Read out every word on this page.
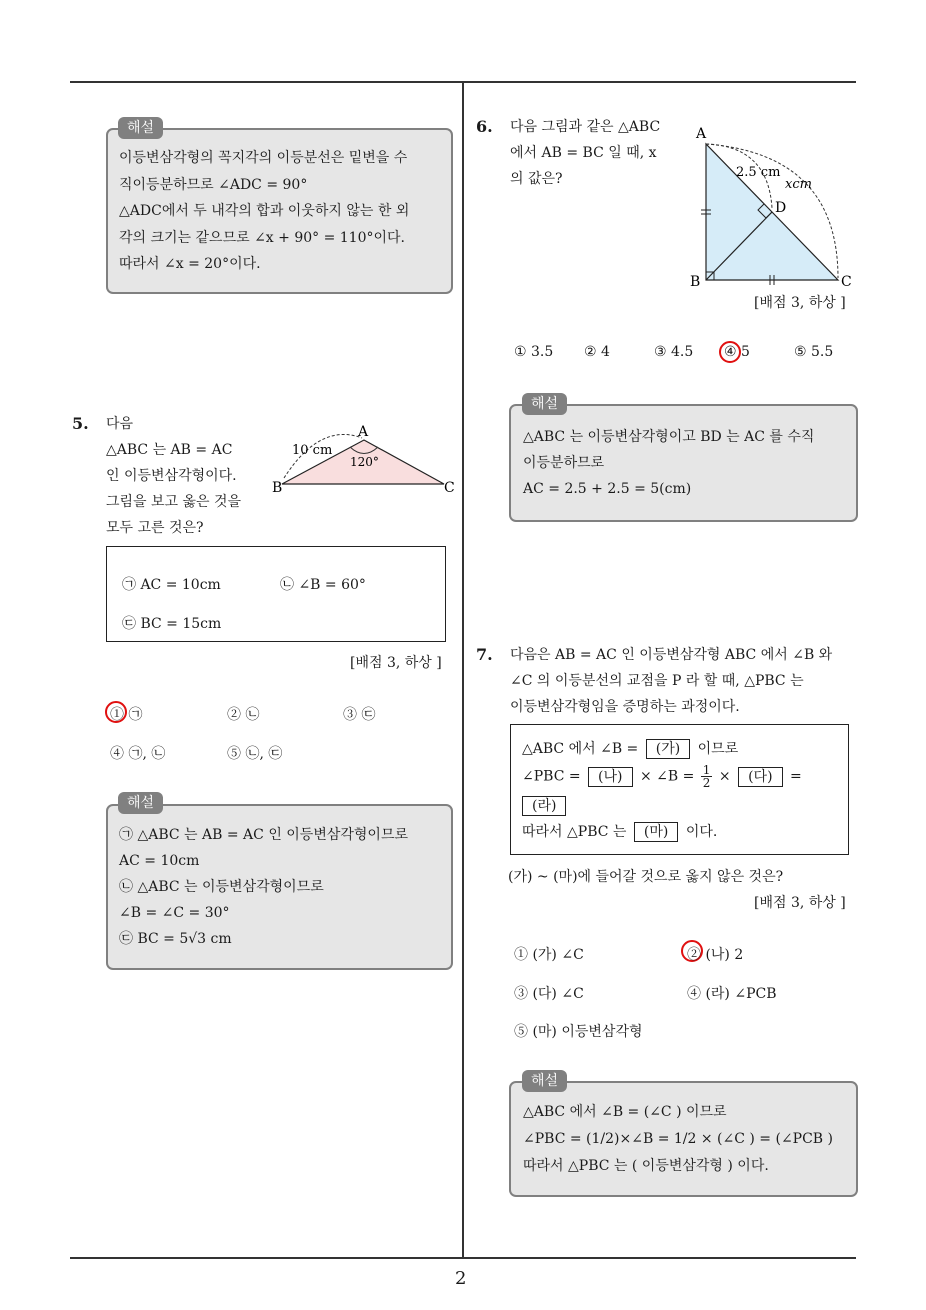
해설
이등변삼각형의 꼭지각의 이등분선은 밑변을 수
직이등분하므로 ∠ADC = 90°
△ADC에서 두 내각의 합과 이웃하지 않는 한 외
각의 크기는 같으므로 ∠x + 90° = 110°이다.
따라서 ∠x = 20°이다.
5. 다음
△ABC 는 AB = AC
인 이등변삼각형이다.
그림을 보고 옳은 것을
모두 고른 것은?
A
B	C
10 cm
120°
㉠ AC = 10cm	㉡ ∠B = 60°
㉢ BC = 15cm
[배점 3, 하상 ]
① ㉠	② ㉡	③ ㉢
④ ㉠, ㉡	⑤ ㉡, ㉢
해설
㉠ △ABC 는 AB = AC 인 이등변삼각형이므로
AC = 10cm
㉡ △ABC 는 이등변삼각형이므로
∠B = ∠C = 30°
㉢ BC = 5√3 cm
6. 다음 그림과 같은 △ABC
에서 AB = BC 일 때, x
의 값은?
A
B	C
D
2.5 cm
xcm
[배점 3, 하상 ]
① 3.5 ② 4	③ 4.5 ④ 5	⑤ 5.5
해설
△ABC 는 이등변삼각형이고 BD 는 AC 를 수직
이등분하므로
AC = 2.5 + 2.5 = 5(cm)
7. 다음은 AB = AC 인 이등변삼각형 ABC 에서 ∠B 와
∠C 의 이등분선의 교점을 P 라 할 때, △PBC 는
이등변삼각형임을 증명하는 과정이다.
△ABC 에서 ∠B = (가) 이므로
∠PBC = (나) × ∠B = $\frac{1}{2}$ × (다) =
(라)
따라서 △PBC 는 (마) 이다.
(가) ~ (마)에 들어갈 것으로 옳지 않은 것은?
[배점 3, 하상 ]
① (가) ∠C	② (나) 2
③ (다) ∠C	④ (라) ∠PCB
⑤ (마) 이등변삼각형
해설
△ABC 에서 ∠B = (∠C ) 이므로
∠PBC = (1/2)×∠B = 1/2 × (∠C ) = (∠PCB )
따라서 △PBC 는 ( 이등변삼각형 ) 이다.
2
